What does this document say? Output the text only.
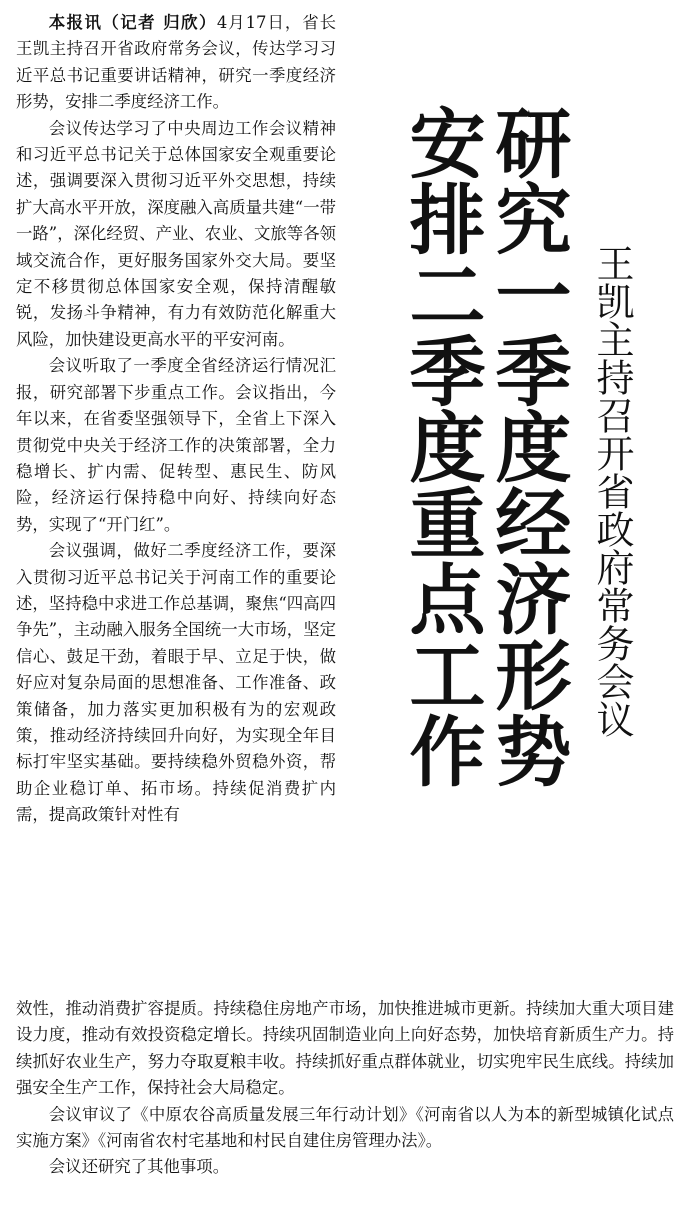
本报讯（记者 归欣）4月17日，省长王凯主持召开省政府常务会议，传达学习习近平总书记重要讲话精神，研究一季度经济形势，安排二季度经济工作。

会议传达学习了中央周边工作会议精神和习近平总书记关于总体国家安全观重要论述，强调要深入贯彻习近平外交思想，持续扩大高水平开放，深度融入高质量共建“一带一路”，深化经贸、产业、农业、文旅等各领域交流合作，更好服务国家外交大局。要坚定不移贯彻总体国家安全观，保持清醒敏锐，发扬斗争精神，有力有效防范化解重大风险，加快建设更高水平的平安河南。

会议听取了一季度全省经济运行情况汇报，研究部署下步重点工作。会议指出，今年以来，在省委坚强领导下，全省上下深入贯彻党中央关于经济工作的决策部署，全力稳增长、扩内需、促转型、惠民生、防风险，经济运行保持稳中向好、持续向好态势，实现了“开门红”。

会议强调，做好二季度经济工作，要深入贯彻习近平总书记关于河南工作的重要论述，坚持稳中求进工作总基调，聚焦“四高四争先”，主动融入服务全国统一大市场，坚定信心、鼓足干劲，着眼于早、立足于快，做好应对复杂局面的思想准备、工作准备、政策储备，加力落实更加积极有为的宏观政策，推动经济持续回升向好，为实现全年目标打牢坚实基础。要持续稳外贸稳外资，帮助企业稳订单、拓市场。持续促消费扩内需，提高政策针对性有

研究一季度经济形势
安排二季度重点工作	王凯主持召开省政府常务会议

效性，推动消费扩容提质。持续稳住房地产市场，加快推进城市更新。持续加大重大项目建设力度，推动有效投资稳定增长。持续巩固制造业向上向好态势，加快培育新质生产力。持续抓好农业生产，努力夺取夏粮丰收。持续抓好重点群体就业，切实兜牢民生底线。持续加强安全生产工作，保持社会大局稳定。

会议审议了《中原农谷高质量发展三年行动计划》《河南省以人为本的新型城镇化试点实施方案》《河南省农村宅基地和村民自建住房管理办法》。

会议还研究了其他事项。
